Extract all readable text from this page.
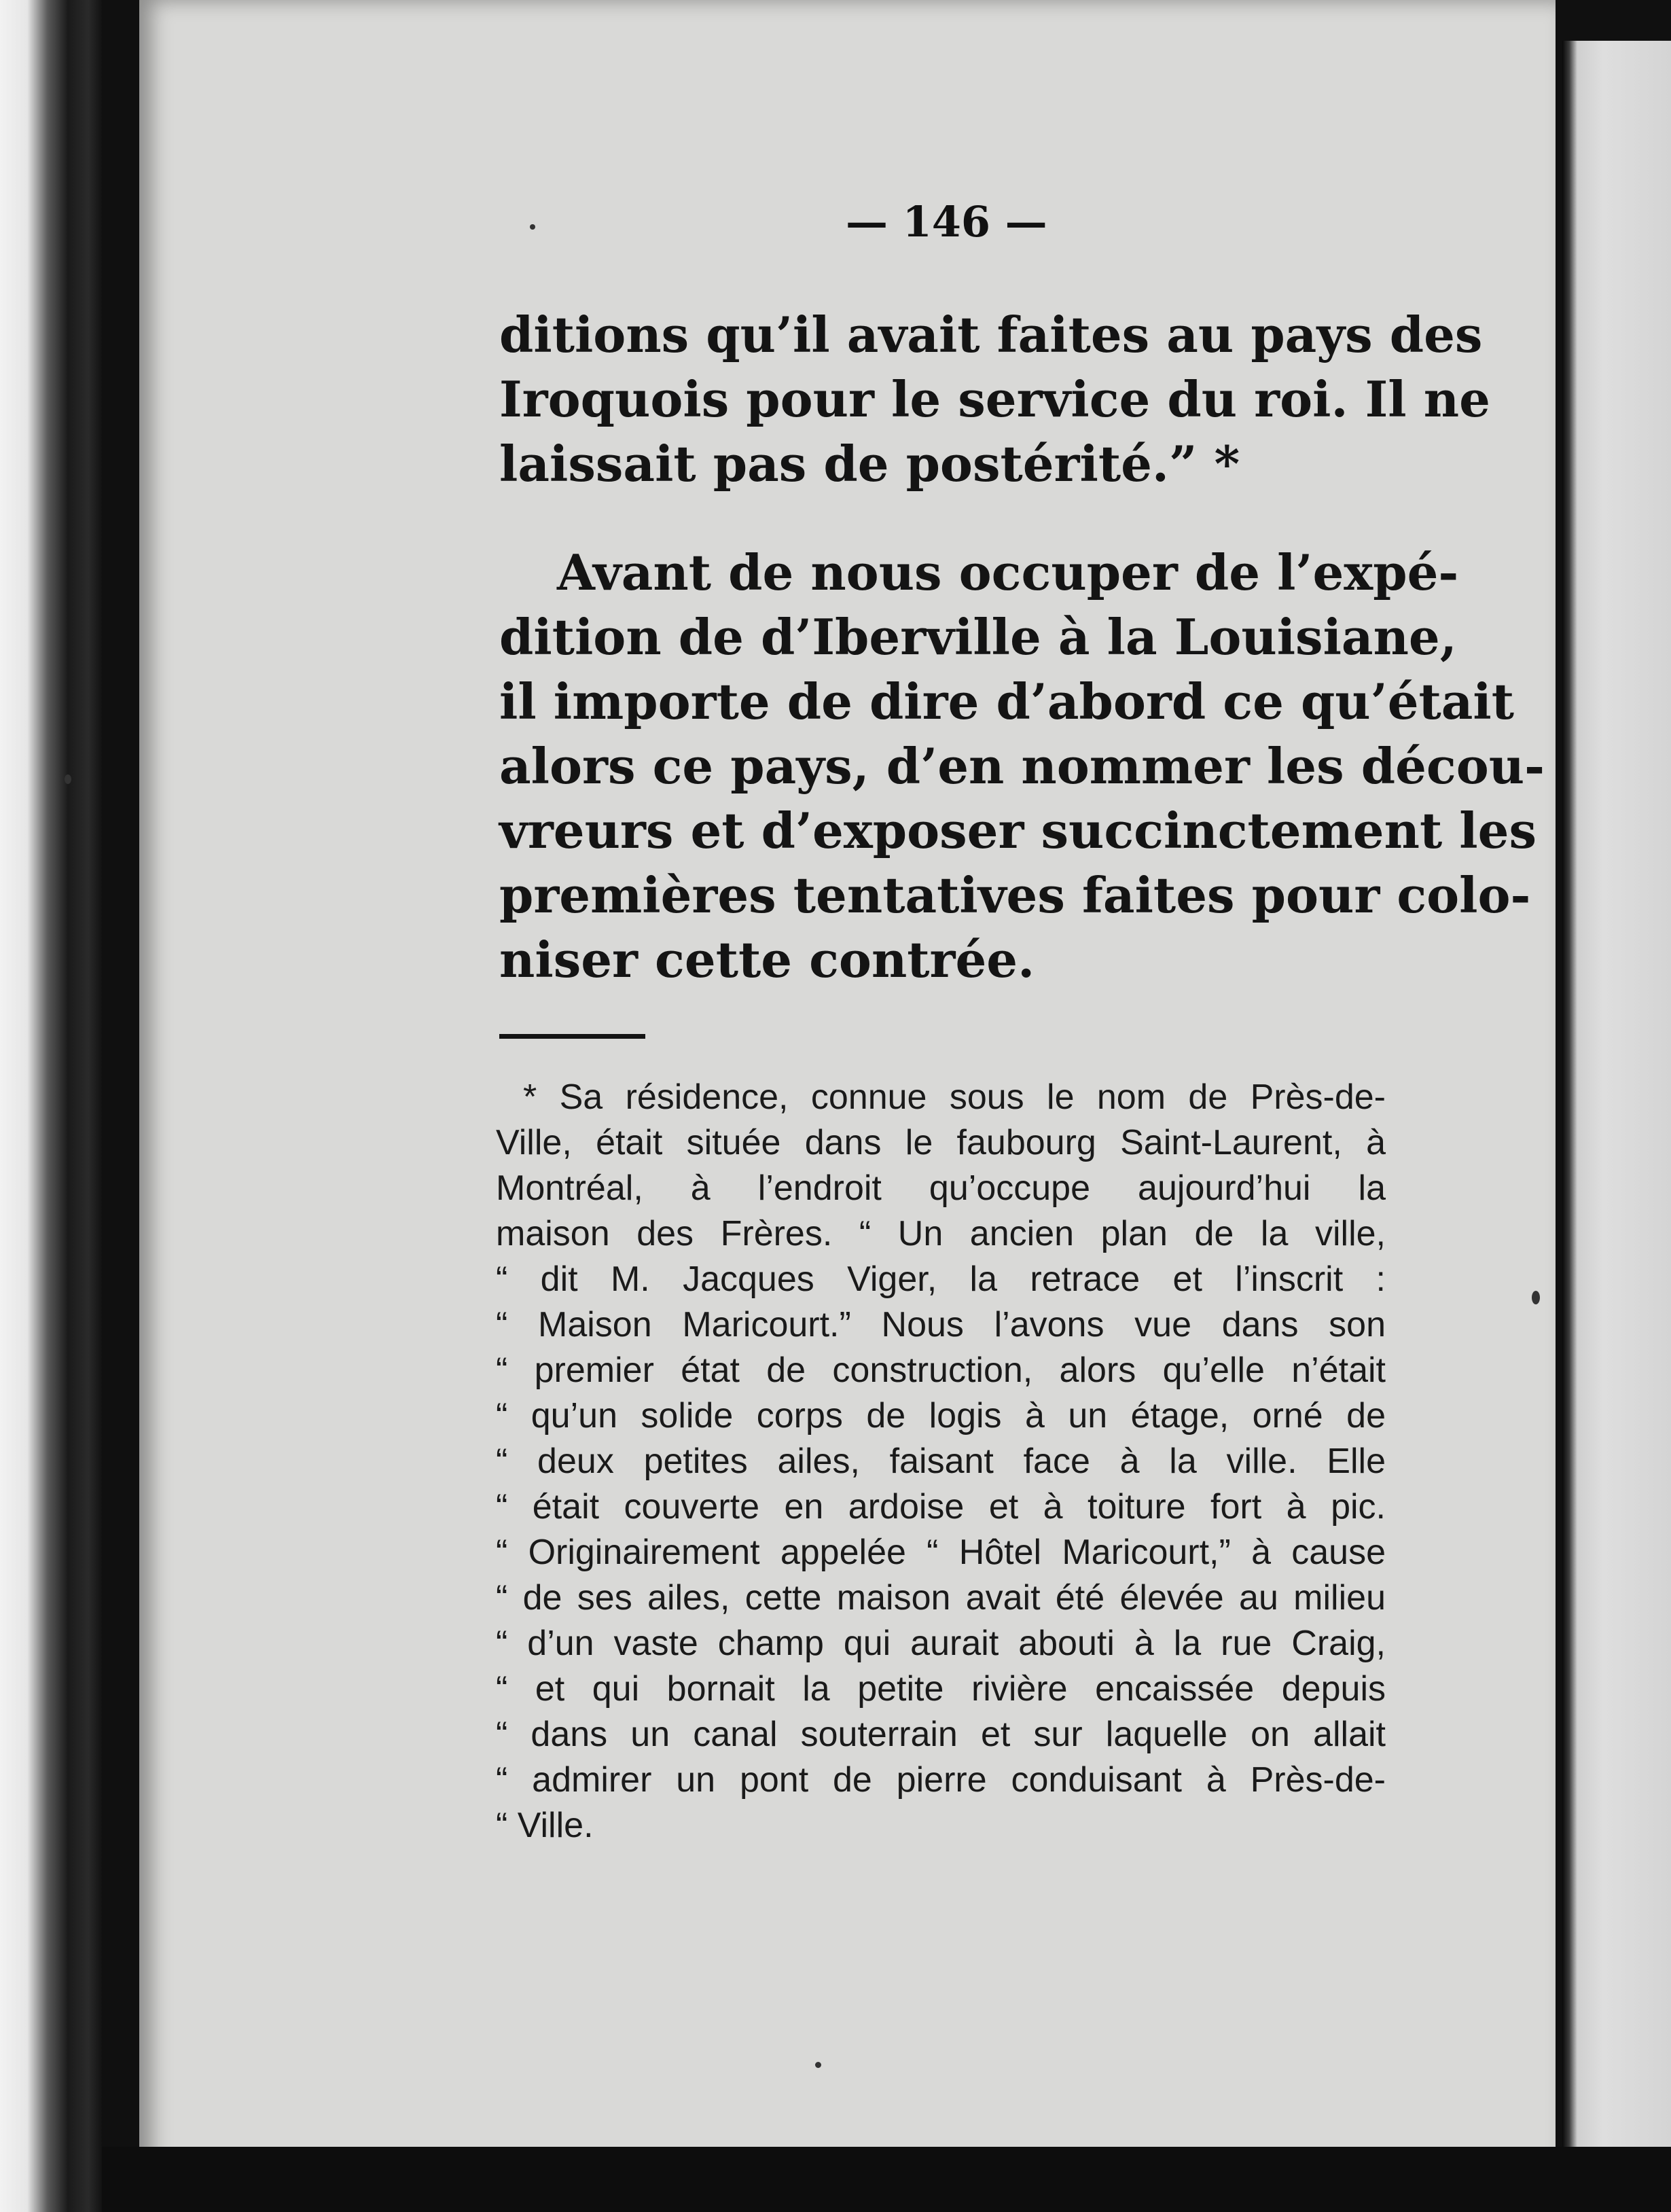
— 146 —
ditions qu’il avait faites au pays des
Iroquois pour le service du roi. Il ne
laissait pas de postérité.” *
Avant de nous occuper de l’expé-
dition de d’Iberville à la Louisiane,
il importe de dire d’abord ce qu’était
alors ce pays, d’en nommer les décou-
vreurs et d’exposer succinctement les
premières tentatives faites pour colo-
niser cette contrée.
* Sa résidence, connue sous le nom de Près-de-
Ville, était située dans le faubourg Saint-Laurent, à
Montréal, à l’endroit qu’occupe aujourd’hui la
maison des Frères. “ Un ancien plan de la ville,
“ dit M. Jacques Viger, la retrace et l’inscrit :
“ Maison Maricourt.” Nous l’avons vue dans son
“ premier état de construction, alors qu’elle n’était
“ qu’un solide corps de logis à un étage, orné de
“ deux petites ailes, faisant face à la ville. Elle
“ était couverte en ardoise et à toiture fort à pic.
“ Originairement appelée “ Hôtel Maricourt,” à cause
“ de ses ailes, cette maison avait été élevée au milieu
“ d’un vaste champ qui aurait abouti à la rue Craig,
“ et qui bornait la petite rivière encaissée depuis
“ dans un canal souterrain et sur laquelle on allait
“ admirer un pont de pierre conduisant à Près-de-
“ Ville.
